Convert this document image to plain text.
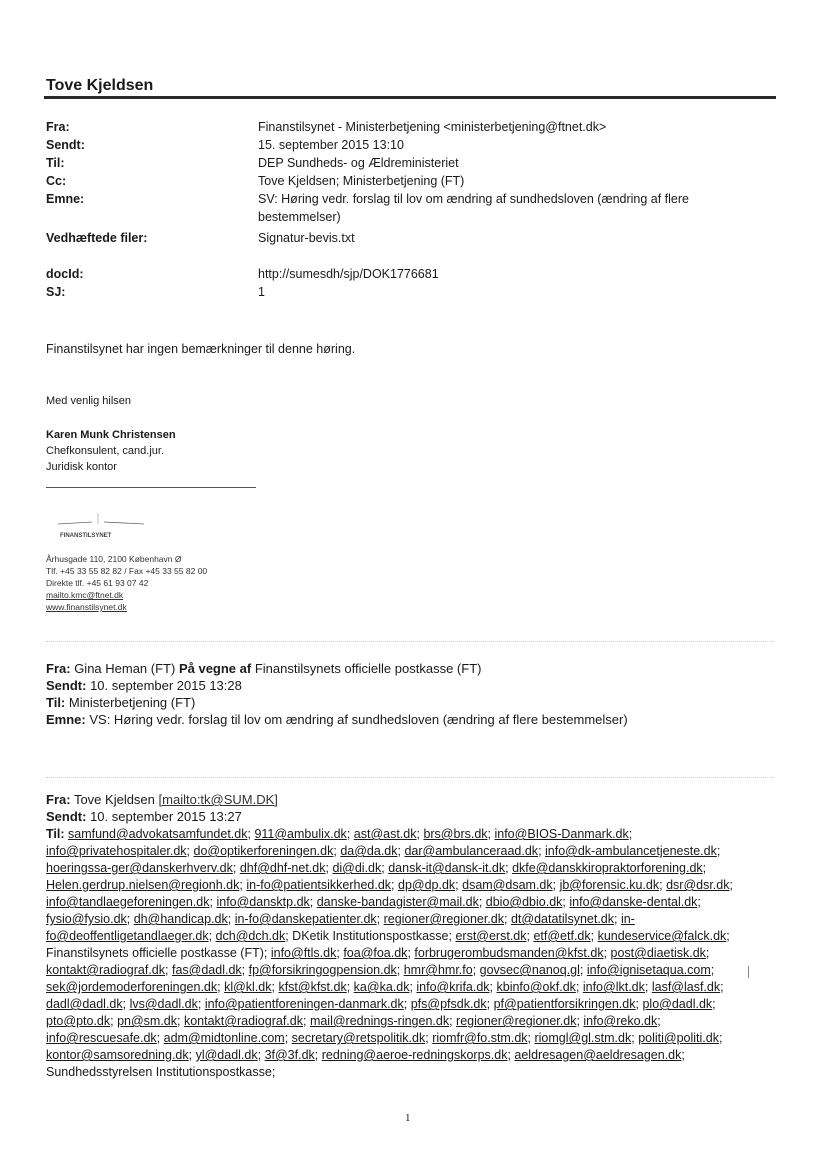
Tove Kjeldsen
Fra:	Finanstilsynet - Ministerbetjening <ministerbetjening@ftnet.dk>
Sendt:	15. september 2015 13:10
Til:	DEP Sundheds- og Ældreministeriet
Cc:	Tove Kjeldsen; Ministerbetjening (FT)
Emne:	SV: Høring vedr. forslag til lov om ændring af sundhedsloven (ændring af flere bestemmelser)
Vedhæftede filer:	Signatur-bevis.txt
docId:	http://sumesdh/sjp/DOK1776681
SJ:	1
Finanstilsynet har ingen bemærkninger til denne høring.
Med venlig hilsen
Karen Munk Christensen
Chefkonsulent, cand.jur.
Juridisk kontor
FINANSTILSYNET
Århusgade 110, 2100 København Ø
Tlf. +45 33 55 82 82 / Fax +45 33 55 82 00
Direkte tlf. +45 61 93 07 42
mailto.kmc@ftnet.dk
www.finanstilsynet.dk
Fra: Gina Heman (FT) På vegne af Finanstilsynets officielle postkasse (FT)
Sendt: 10. september 2015 13:28
Til: Ministerbetjening (FT)
Emne: VS: Høring vedr. forslag til lov om ændring af sundhedsloven (ændring af flere bestemmelser)
Fra: Tove Kjeldsen [mailto:tk@SUM.DK]
Sendt: 10. september 2015 13:27
Til: samfund@advokatsamfundet.dk; 911@ambulix.dk; ast@ast.dk; brs@brs.dk; info@BIOS-Danmark.dk; info@privatehospitaler.dk; do@optikerforeningen.dk; da@da.dk; dar@ambulanceraad.dk; info@dk-ambulancetjeneste.dk; hoeringssa-ger@danskerhverv.dk; dhf@dhf-net.dk; di@di.dk; dansk-it@dansk-it.dk; dkfe@danskkiropraktorforening.dk; Helen.gerdrup.nielsen@regionh.dk; in-fo@patientsikkerhed.dk; dp@dp.dk; dsam@dsam.dk; jb@forensic.ku.dk; dsr@dsr.dk; info@tandlaegeforeningen.dk; info@dansktp.dk; danske-bandagister@mail.dk; dbio@dbio.dk; info@danske-dental.dk; fysio@fysio.dk; dh@handicap.dk; in-fo@danskepatienter.dk; regioner@regioner.dk; dt@datatilsynet.dk; in-fo@deoffentligetandlaeger.dk; dch@dch.dk; DKetik Institutionspostkasse; erst@erst.dk; etf@etf.dk; kundeservice@falck.dk; Finanstilsynets officielle postkasse (FT); info@ftls.dk; foa@foa.dk; forbrugerombudsmanden@kfst.dk; post@diaetisk.dk; kontakt@radiograf.dk; fas@dadl.dk; fp@forsikringogpension.dk; hmr@hmr.fo; govsec@nanoq.gl; info@ignisetaqua.com; sek@jordemoderforeningen.dk; kl@kl.dk; kfst@kfst.dk; ka@ka.dk; info@krifa.dk; kbinfo@okf.dk; info@lkt.dk; lasf@lasf.dk; dadl@dadl.dk; lvs@dadl.dk; info@patientforeningen-danmark.dk; pfs@pfsdk.dk; pf@patientforsikringen.dk; plo@dadl.dk; pto@pto.dk; pn@sm.dk; kontakt@radiograf.dk; mail@rednings-ringen.dk; regioner@regioner.dk; info@reko.dk; info@rescuesafe.dk; adm@midtonline.com; secretary@retspolitik.dk; riomfr@fo.stm.dk; riomgl@gl.stm.dk; politi@politi.dk; kontor@samsoredning.dk; yl@dadl.dk; 3f@3f.dk; redning@aeroe-redningskorps.dk; aeldresagen@aeldresagen.dk; Sundhedsstyrelsen Institutionspostkasse;
1
